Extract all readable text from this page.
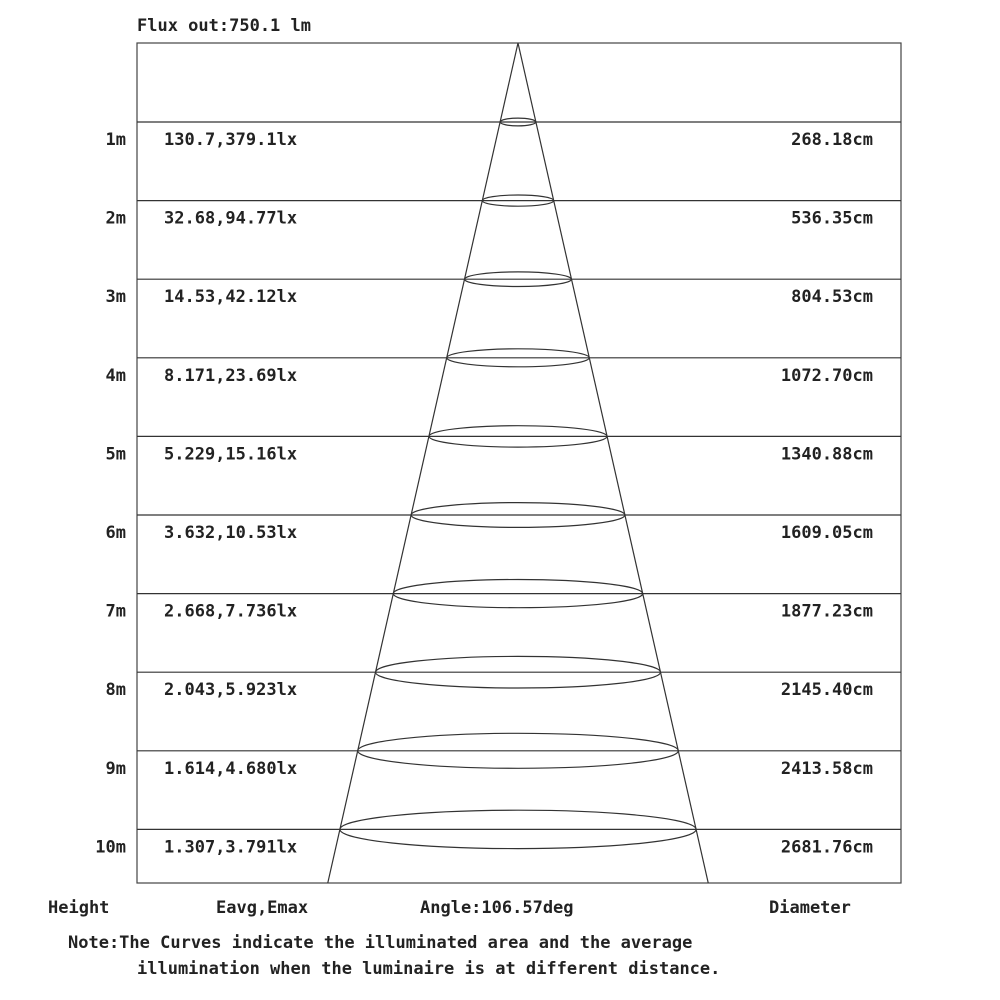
Flux out:750.1 lm
1m 130.7,379.1lx	268.18cm
2m 32.68,94.77lx	536.35cm
3m 14.53,42.12lx	804.53cm
4m 8.171,23.69lx	1072.70cm
5m 5.229,15.16lx	1340.88cm
6m 3.632,10.53lx	1609.05cm
7m 2.668,7.736lx	1877.23cm
8m 2.043,5.923lx	2145.40cm
9m 1.614,4.680lx	2413.58cm
10m 1.307,3.791lx	2681.76cm
Height	Eavg,Emax	Angle:106.57deg	Diameter
Note:The Curves indicate the illuminated area and the average
illumination when the luminaire is at different distance.
